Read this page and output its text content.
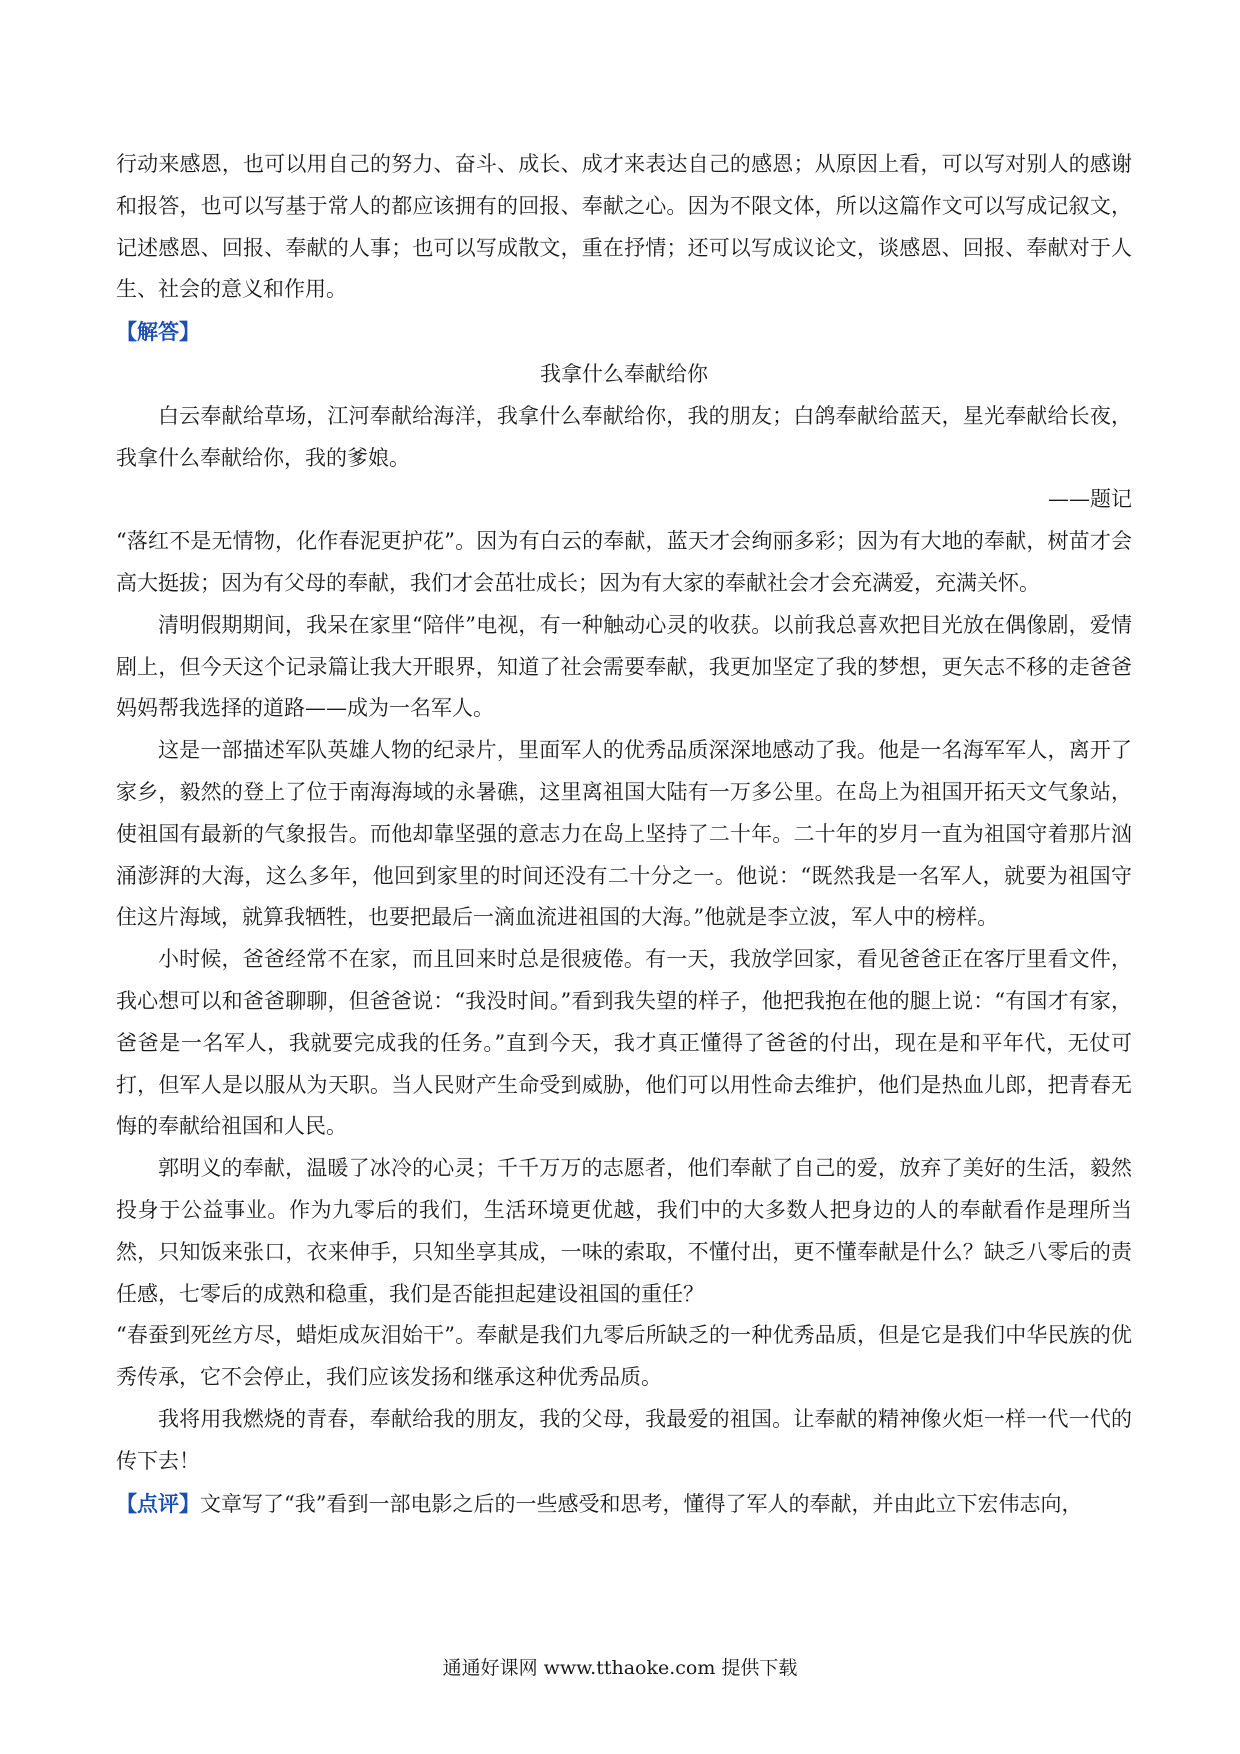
行动来感恩，也可以用自己的努力、奋斗、成长、成才来表达自己的感恩；从原因上看，可以写对别人的感谢和报答，也可以写基于常人的都应该拥有的回报、奉献之心。因为不限文体，所以这篇作文可以写成记叙文，记述感恩、回报、奉献的人事；也可以写成散文，重在抒情；还可以写成议论文，谈感恩、回报、奉献对于人生、社会的意义和作用。

【解答】

我拿什么奉献给你

白云奉献给草场，江河奉献给海洋，我拿什么奉献给你，我的朋友；白鸽奉献给蓝天，星光奉献给长夜，我拿什么奉献给你，我的爹娘。

——题记

“落红不是无情物，化作春泥更护花”。因为有白云的奉献，蓝天才会绚丽多彩；因为有大地的奉献，树苗才会高大挺拔；因为有父母的奉献，我们才会茁壮成长；因为有大家的奉献社会才会充满爱，充满关怀。

清明假期期间，我呆在家里“陪伴”电视，有一种触动心灵的收获。以前我总喜欢把目光放在偶像剧，爱情剧上，但今天这个记录篇让我大开眼界，知道了社会需要奉献，我更加坚定了我的梦想，更矢志不移的走爸爸妈妈帮我选择的道路——成为一名军人。

这是一部描述军队英雄人物的纪录片，里面军人的优秀品质深深地感动了我。他是一名海军军人，离开了家乡，毅然的登上了位于南海海域的永暑礁，这里离祖国大陆有一万多公里。在岛上为祖国开拓天文气象站，使祖国有最新的气象报告。而他却靠坚强的意志力在岛上坚持了二十年。二十年的岁月一直为祖国守着那片汹涌澎湃的大海，这么多年，他回到家里的时间还没有二十分之一。他说：“既然我是一名军人，就要为祖国守住这片海域，就算我牺牲，也要把最后一滴血流进祖国的大海。”他就是李立波，军人中的榜样。

小时候，爸爸经常不在家，而且回来时总是很疲倦。有一天，我放学回家，看见爸爸正在客厅里看文件，我心想可以和爸爸聊聊，但爸爸说：“我没时间。”看到我失望的样子，他把我抱在他的腿上说：“有国才有家，爸爸是一名军人，我就要完成我的任务。”直到今天，我才真正懂得了爸爸的付出，现在是和平年代，无仗可打，但军人是以服从为天职。当人民财产生命受到威胁，他们可以用性命去维护，他们是热血儿郎，把青春无悔的奉献给祖国和人民。

郭明义的奉献，温暖了冰冷的心灵；千千万万的志愿者，他们奉献了自己的爱，放弃了美好的生活，毅然投身于公益事业。作为九零后的我们，生活环境更优越，我们中的大多数人把身边的人的奉献看作是理所当然，只知饭来张口，衣来伸手，只知坐享其成，一味的索取，不懂付出，更不懂奉献是什么？缺乏八零后的责任感，七零后的成熟和稳重，我们是否能担起建设祖国的重任？

“春蚕到死丝方尽，蜡炬成灰泪始干”。奉献是我们九零后所缺乏的一种优秀品质，但是它是我们中华民族的优秀传承，它不会停止，我们应该发扬和继承这种优秀品质。

我将用我燃烧的青春，奉献给我的朋友，我的父母，我最爱的祖国。让奉献的精神像火炬一样一代一代的传下去！

【点评】文章写了“我”看到一部电影之后的一些感受和思考，懂得了军人的奉献，并由此立下宏伟志向，

通通好课网 www.tthaoke.com 提供下载
